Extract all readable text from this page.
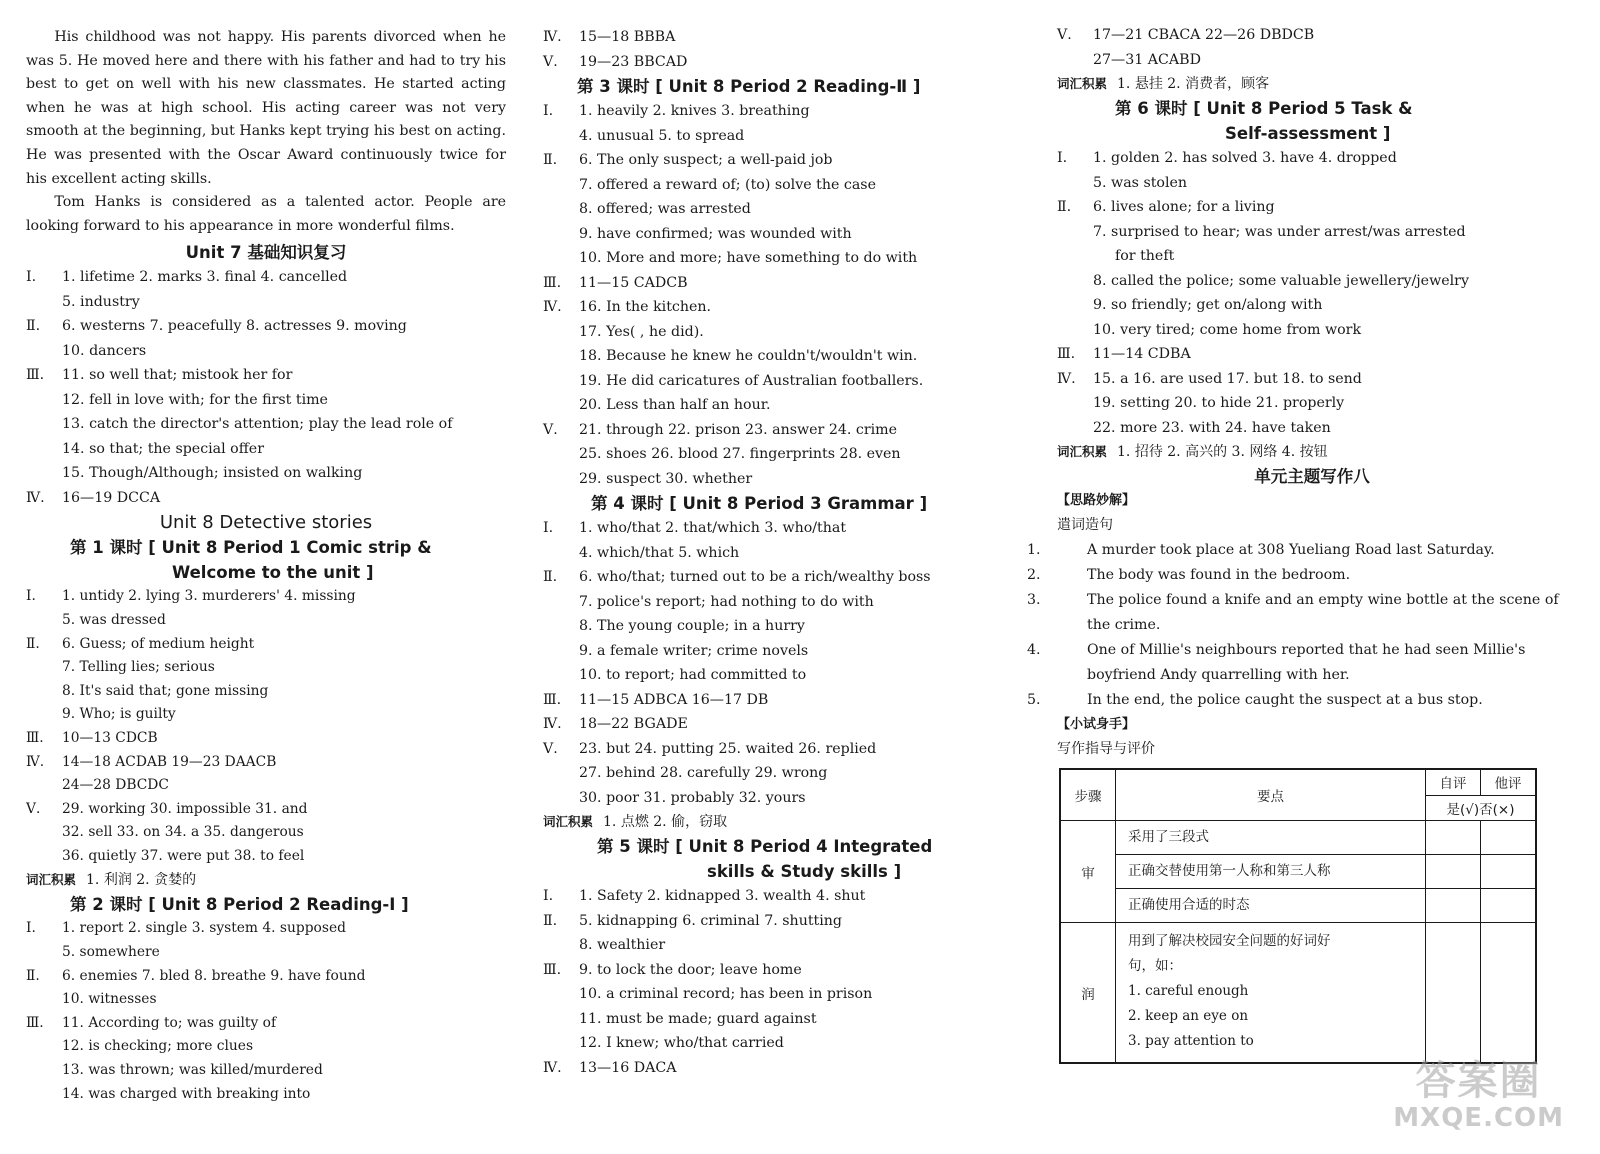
His childhood was not happy. His parents divorced when he was 5. He moved here and there with his father and had to try his best to get on well with his new classmates. He started acting when he was at high school. His acting career was not very smooth at the beginning, but Hanks kept trying his best on acting. He was presented with the Oscar Award continuously twice for his excellent acting skills.
Tom Hanks is considered as a talented actor. People are looking forward to his appearance in more wonderful films.
Unit 7 基础知识复习
Ⅰ. 1. lifetime 2. marks 3. final 4. cancelled
5. industry
Ⅱ. 6. westerns 7. peacefully 8. actresses 9. moving
10. dancers
Ⅲ. 11. so well that; mistook her for
12. fell in love with; for the first time
13. catch the director's attention; play the lead role of
14. so that; the special offer
15. Though/Although; insisted on walking
Ⅳ. 16—19 DCCA
Unit 8 Detective stories
第 1 课时 [ Unit 8 Period 1 Comic strip &
Welcome to the unit ]
Ⅰ. 1. untidy 2. lying 3. murderers' 4. missing
5. was dressed
Ⅱ. 6. Guess; of medium height
7. Telling lies; serious
8. It's said that; gone missing
9. Who; is guilty
Ⅲ. 10—13 CDCB
Ⅳ. 14—18 ACDAB 19—23 DAACB
24—28 DBCDC
Ⅴ. 29. working 30. impossible 31. and
32. sell 33. on 34. a 35. dangerous
36. quietly 37. were put 38. to feel
词汇积累 1. 利润 2. 贪婪的
第 2 课时 [ Unit 8 Period 2 Reading-Ⅰ ]
Ⅰ. 1. report 2. single 3. system 4. supposed
5. somewhere
Ⅱ. 6. enemies 7. bled 8. breathe 9. have found
10. witnesses
Ⅲ. 11. According to; was guilty of
12. is checking; more clues
13. was thrown; was killed/murdered
14. was charged with breaking into
Ⅳ. 15—18 BBBA
Ⅴ. 19—23 BBCAD
第 3 课时 [ Unit 8 Period 2 Reading-Ⅱ ]
Ⅰ. 1. heavily 2. knives 3. breathing
4. unusual 5. to spread
Ⅱ. 6. The only suspect; a well-paid job
7. offered a reward of; (to) solve the case
8. offered; was arrested
9. have confirmed; was wounded with
10. More and more; have something to do with
Ⅲ. 11—15 CADCB
Ⅳ. 16. In the kitchen.
17. Yes( , he did).
18. Because he knew he couldn't/wouldn't win.
19. He did caricatures of Australian footballers.
20. Less than half an hour.
Ⅴ. 21. through 22. prison 23. answer 24. crime
25. shoes 26. blood 27. fingerprints 28. even
29. suspect 30. whether
第 4 课时 [ Unit 8 Period 3 Grammar ]
Ⅰ. 1. who/that 2. that/which 3. who/that
4. which/that 5. which
Ⅱ. 6. who/that; turned out to be a rich/wealthy boss
7. police's report; had nothing to do with
8. The young couple; in a hurry
9. a female writer; crime novels
10. to report; had committed to
Ⅲ. 11—15 ADBCA 16—17 DB
Ⅳ. 18—22 BGADE
Ⅴ. 23. but 24. putting 25. waited 26. replied
27. behind 28. carefully 29. wrong
30. poor 31. probably 32. yours
词汇积累 1. 点燃 2. 偷，窃取
第 5 课时 [ Unit 8 Period 4 Integrated
skills & Study skills ]
Ⅰ. 1. Safety 2. kidnapped 3. wealth 4. shut
Ⅱ. 5. kidnapping 6. criminal 7. shutting
8. wealthier
Ⅲ. 9. to lock the door; leave home
10. a criminal record; has been in prison
11. must be made; guard against
12. I knew; who/that carried
Ⅳ. 13—16 DACA
Ⅴ. 17—21 CBACA 22—26 DBDCB
27—31 ACABD
词汇积累 1. 悬挂 2. 消费者，顾客
第 6 课时 [ Unit 8 Period 5 Task &
Self-assessment ]
Ⅰ. 1. golden 2. has solved 3. have 4. dropped
5. was stolen
Ⅱ. 6. lives alone; for a living
7. surprised to hear; was under arrest/was arrested
for theft
8. called the police; some valuable jewellery/jewelry
9. so friendly; get on/along with
10. very tired; come home from work
Ⅲ. 11—14 CDBA
Ⅳ. 15. a 16. are used 17. but 18. to send
19. setting 20. to hide 21. properly
22. more 23. with 24. have taken
词汇积累 1. 招待 2. 高兴的 3. 网络 4. 按钮
单元主题写作八
【思路妙解】
遣词造句
1.	A murder took place at 308 Yueliang Road last Saturday.
2.	The body was found in the bedroom.
3.	The police found a knife and an empty wine bottle at the scene of the crime.
4.	One of Millie's neighbours reported that he had seen Millie's boyfriend Andy quarrelling with her.
5.	In the end, the police caught the suspect at a bus stop.
【小试身手】
写作指导与评价
步骤	要点	自评	他评
		是(√)否(×)	
审	采用了三段式		
	正确交替使用第一人称和第三人称		
	正确使用合适的时态		
润	用到了解决校园安全问题的好词好
句，如：
1. careful enough
2. keep an eye on
3. pay attention to		

答案圈
MXQE.COM
